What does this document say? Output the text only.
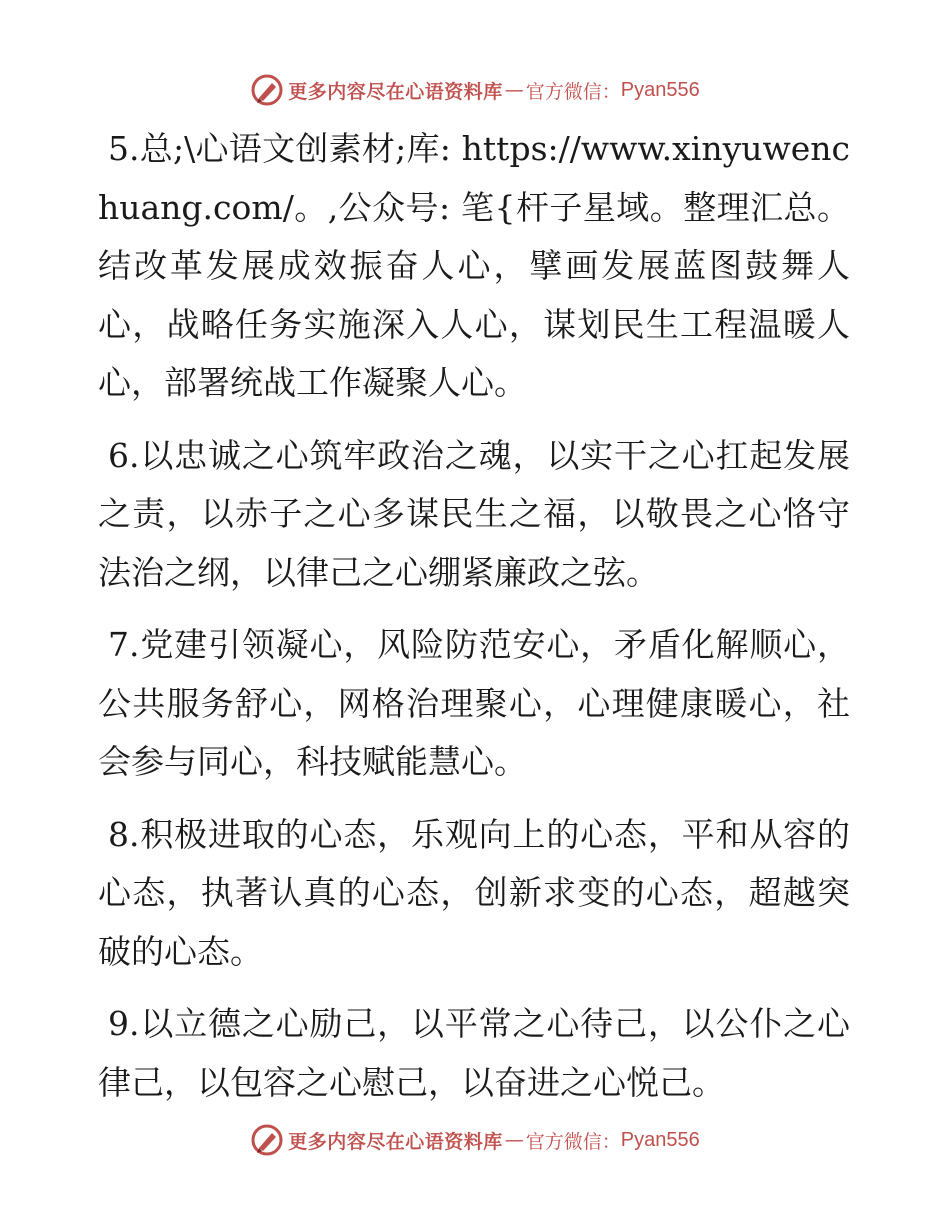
更多内容尽在心语资料库 — 官方微信： Pyan556

5.总;\心语文创素材;库: https://www.xinyuwenchuang.com/。,公众号: 笔{杆子星域。整理汇总。结改革发展成效振奋人心，擘画发展蓝图鼓舞人心，战略任务实施深入人心，谋划民生工程温暖人心，部署统战工作凝聚人心。

6.以忠诚之心筑牢政治之魂，以实干之心扛起发展之责，以赤子之心多谋民生之福，以敬畏之心恪守法治之纲，以律己之心绷紧廉政之弦。

7.党建引领凝心，风险防范安心，矛盾化解顺心，公共服务舒心，网格治理聚心，心理健康暖心，社会参与同心，科技赋能慧心。

8.积极进取的心态，乐观向上的心态，平和从容的心态，执著认真的心态，创新求变的心态，超越突破的心态。

9.以立德之心励己，以平常之心待己，以公仆之心律己，以包容之心慰己，以奋进之心悦己。

更多内容尽在心语资料库 — 官方微信： Pyan556
